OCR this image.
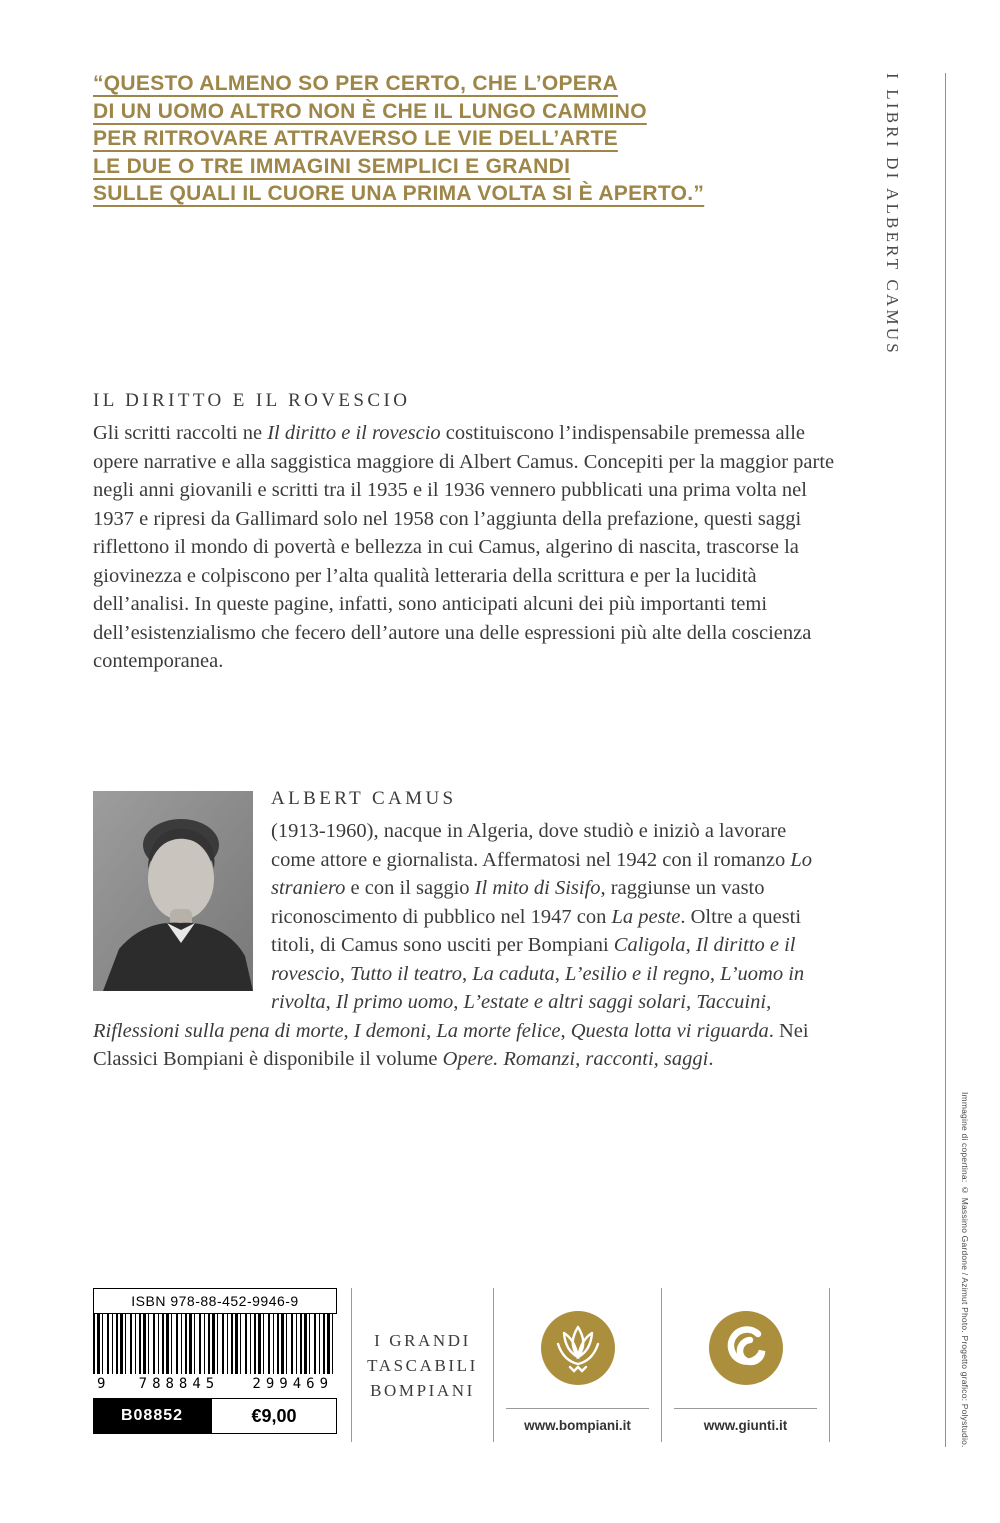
“QUESTO ALMENO SO PER CERTO, CHE L’OPERA
DI UN UOMO ALTRO NON È CHE IL LUNGO CAMMINO
PER RITROVARE ATTRAVERSO LE VIE DELL’ARTE
LE DUE O TRE IMMAGINI SEMPLICI E GRANDI
SULLE QUALI IL CUORE UNA PRIMA VOLTA SI È APERTO.”	I LIBRI DI ALBERT CAMUS
Immagine di copertina: © Massimo Gardone / Azimut Photo. Progetto grafico: Polystudio.
IL DIRITTO E IL ROVESCIO

Gli scritti raccolti ne Il diritto e il rovescio costituiscono l’indispensabile premessa alle opere narrative e alla saggistica maggiore di Albert Camus. Concepiti per la maggior parte negli anni giovanili e scritti tra il 1935 e il 1936 vennero pubblicati una prima volta nel 1937 e ripresi da Gallimard solo nel 1958 con l’aggiunta della prefazione, questi saggi riflettono il mondo di povertà e bellezza in cui Camus, algerino di nascita, trascorse la giovinezza e colpiscono per l’alta qualità letteraria della scrittura e per la lucidità dell’analisi. In queste pagine, infatti, sono anticipati alcuni dei più importanti temi dell’esistenzialismo che fecero dell’autore una delle espressioni più alte della coscienza contemporanea.

ALBERT CAMUS

(1913-1960), nacque in Algeria, dove studiò e iniziò a lavorare come attore e giornalista. Affermatosi nel 1942 con il romanzo Lo straniero e con il saggio Il mito di Sisifo, raggiunse un vasto riconoscimento di pubblico nel 1947 con La peste. Oltre a questi titoli, di Camus sono usciti per Bompiani Caligola, Il diritto e il rovescio, Tutto il teatro, La caduta, L’esilio e il regno, L’uomo in rivolta, Il primo uomo, L’estate e altri saggi solari, Taccuini, Riflessioni sulla pena di morte, I demoni, La morte felice, Questa lotta vi riguarda. Nei Classici Bompiani è disponibile il volume Opere. Romanzi, racconti, saggi.

ISBN 978-88-452-9946-9
9 788845 299469
B08852	€9,00
I GRANDI
TASCABILI
BOMPIANI
www.bompiani.it	www.giunti.it
